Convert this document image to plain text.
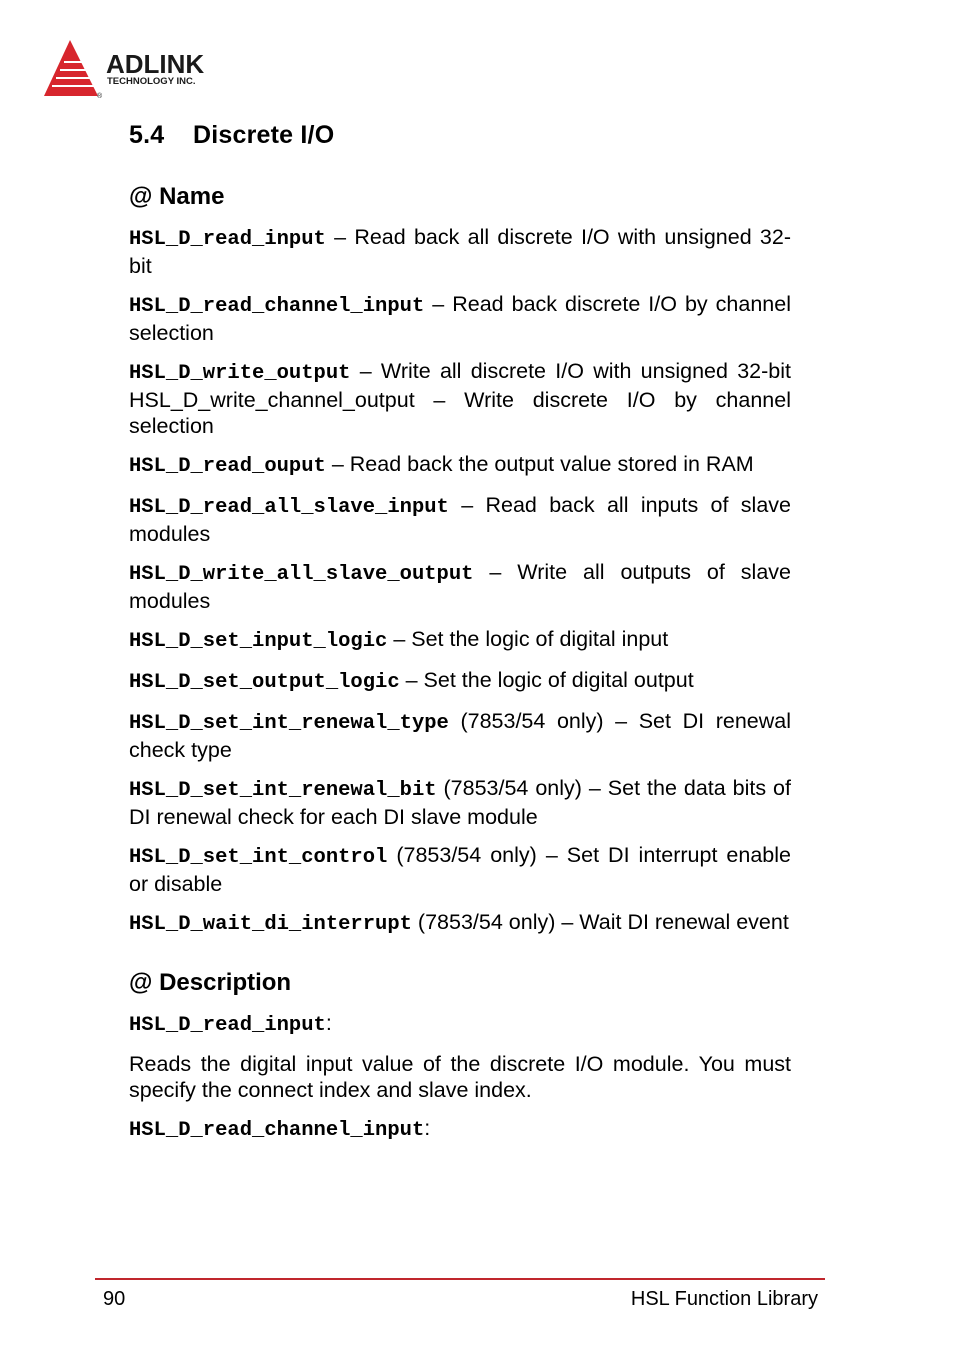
ADLINK
TECHNOLOGY INC.
®
5.4 Discrete I/O
@ Name

HSL_D_read_input – Read back all discrete I/O with unsigned 32-bit

HSL_D_read_channel_input – Read back discrete I/O by channel selection

HSL_D_write_output – Write all discrete I/O with unsigned 32-bit HSL_D_write_channel_output – Write discrete I/O by channel selection

HSL_D_read_ouput – Read back the output value stored in RAM

HSL_D_read_all_slave_input – Read back all inputs of slave modules

HSL_D_write_all_slave_output – Write all outputs of slave modules

HSL_D_set_input_logic – Set the logic of digital input

HSL_D_set_output_logic – Set the logic of digital output

HSL_D_set_int_renewal_type (7853/54 only) – Set DI renewal check type

HSL_D_set_int_renewal_bit (7853/54 only) – Set the data bits of DI renewal check for each DI slave module

HSL_D_set_int_control (7853/54 only) – Set DI interrupt enable or disable

HSL_D_wait_di_interrupt (7853/54 only) – Wait DI renewal event

@ Description

HSL_D_read_input:

Reads the digital input value of the discrete I/O module. You must specify the connect index and slave index.

HSL_D_read_channel_input:

90	HSL Function Library
